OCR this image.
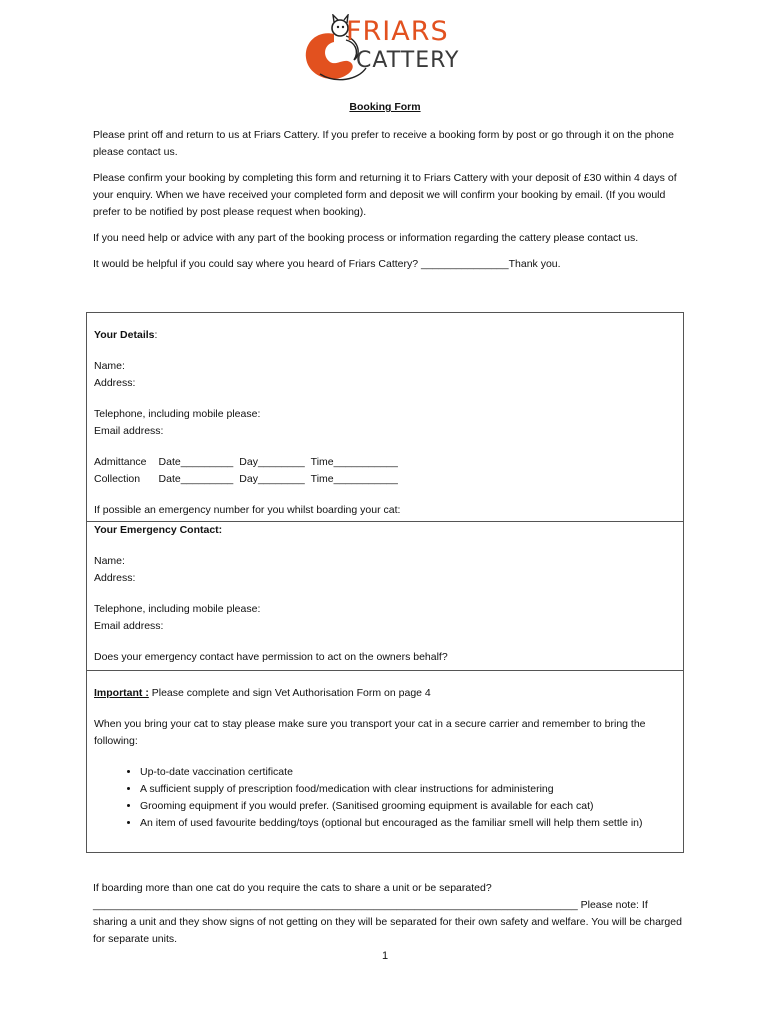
FRIARS
CATTERY
Booking Form

Please print off and return to us at Friars Cattery. If you prefer to receive a booking form by post or go through it on the phone please contact us.

Please confirm your booking by completing this form and returning it to Friars Cattery with your deposit of £30 within 4 days of your enquiry. When we have received your completed form and deposit we will confirm your booking by email. (If you would prefer to be notified by post please request when booking).

If you need help or advice with any part of the booking process or information regarding the cattery please contact us.

It would be helpful if you could say where you heard of Friars Cattery? _______________Thank you.

Your Details:

Name:

Address:

Telephone, including mobile please:

Email address:

Admittance	Date_________	Day________	Time___________
Collection	Date_________	Day________	Time___________

If possible an emergency number for you whilst boarding your cat:

Your Emergency Contact:

Name:

Address:

Telephone, including mobile please:

Email address:

Does your emergency contact have permission to act on the owners behalf?

Important : Please complete and sign Vet Authorisation Form on page 4

When you bring your cat to stay please make sure you transport your cat in a secure carrier and remember to bring the following:

• Up-to-date vaccination certificate
• A sufficient supply of prescription food/medication with clear instructions for administering
• Grooming equipment if you would prefer. (Sanitised grooming equipment is available for each cat)
• An item of used favourite bedding/toys (optional but encouraged as the familiar smell will help them settle in)

If boarding more than one cat do you require the cats to share a unit or be separated?

___________________________________________________________________________________ Please note: If sharing a unit and they show signs of not getting on they will be separated for their own safety and welfare. You will be charged for separate units.

1
